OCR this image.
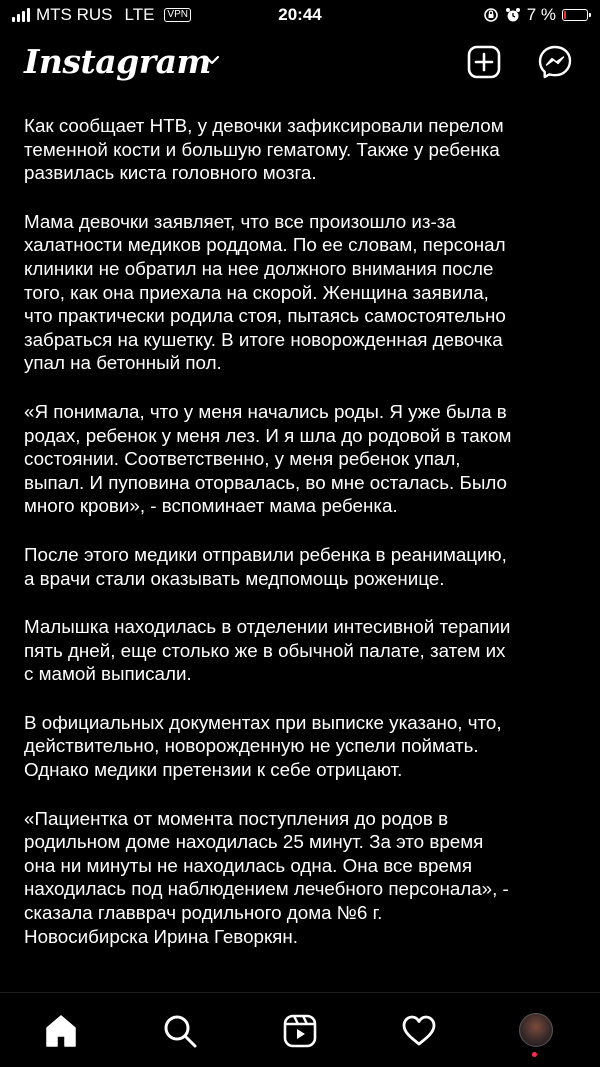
MTS RUS LTE	VPN	20:44	7 %
Instagram

Как сообщает НТВ, у девочки зафиксировали перелом
теменной кости и большую гематому. Также у ребенка
развилась киста головного мозга.

Мама девочки заявляет, что все произошло из-за
халатности медиков роддома. По ее словам, персонал
клиники не обратил на нее должного внимания после
того, как она приехала на скорой. Женщина заявила,
что практически родила стоя, пытаясь самостоятельно
забраться на кушетку. В итоге новорожденная девочка
упал на бетонный пол.

«Я понимала, что у меня начались роды. Я уже была в
родах, ребенок у меня лез. И я шла до родовой в таком
состоянии. Соответственно, у меня ребенок упал,
выпал. И пуповина оторвалась, во мне осталась. Было
много крови», - вспоминает мама ребенка.

После этого медики отправили ребенка в реанимацию,
а врачи стали оказывать медпомощь роженице.

Малышка находилась в отделении интесивной терапии
пять дней, еще столько же в обычной палате, затем их
с мамой выписали.

В официальных документах при выписке указано, что,
действительно, новорожденную не успели поймать.
Однако медики претензии к себе отрицают.

«Пациентка от момента поступления до родов в
родильном доме находилась 25 минут. За это время
она ни минуты не находилась одна. Она все время
находилась под наблюдением лечебного персонала», -
сказала главврач родильного дома №6 г.
Новосибирска Ирина Геворкян.
